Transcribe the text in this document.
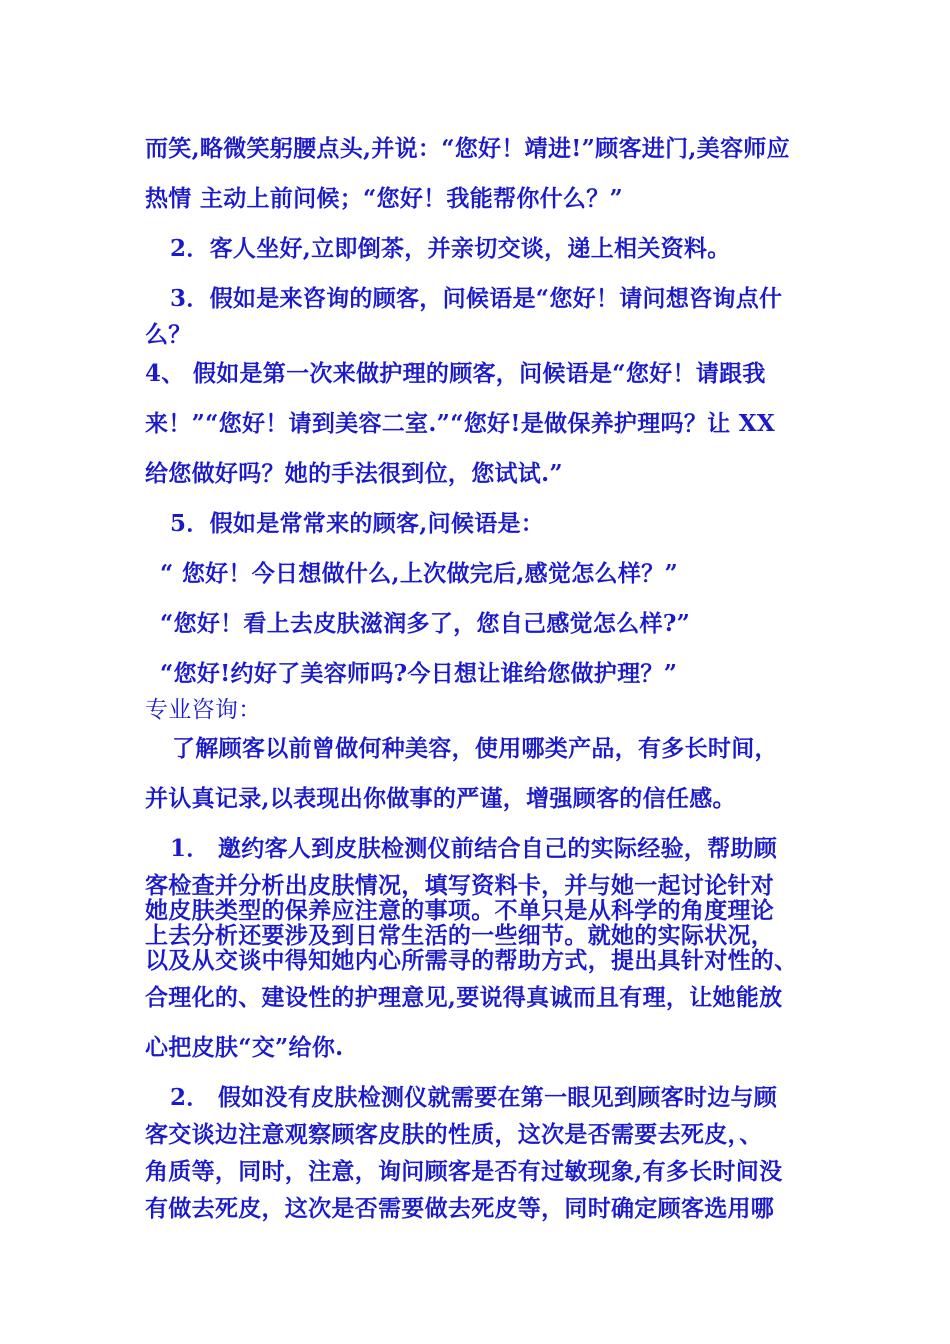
而笑,略微笑躬腰点头,并说：“您好！靖进!”顾客进门,美容师应
热情 主动上前问候；“您好！我能帮你什么？”
2．客人坐好,立即倒茶，并亲切交谈，递上相关资料。
3．假如是来咨询的顾客，问候语是“您好！请问想咨询点什
么？
4、 假如是第一次来做护理的顾客，问候语是“您好！请跟我
来！”“您好！请到美容二室.”“您好!是做保养护理吗？让 XX
给您做好吗？她的手法很到位，您试试.”
5．假如是常常来的顾客,问候语是：
“ 您好！今日想做什么,上次做完后,感觉怎么样？”
“您好！看上去皮肤滋润多了，您自己感觉怎么样?”
“您好!约好了美容师吗?今日想让谁给您做护理？”
专业咨询：
了解顾客以前曾做何种美容，使用哪类产品，有多长时间，
并认真记录,以表现出你做事的严谨，增强顾客的信任感。
1． 邀约客人到皮肤检测仪前结合自己的实际经验，帮助顾
客检查并分析出皮肤情况，填写资料卡，并与她一起讨论针对
她皮肤类型的保养应注意的事项。不单只是从科学的角度理论
上去分析还要涉及到日常生活的一些细节。就她的实际状况，
以及从交谈中得知她内心所需寻的帮助方式，提出具针对性的、
合理化的、建设性的护理意见,要说得真诚而且有理，让她能放
心把皮肤“交”给你.
2． 假如没有皮肤检测仪就需要在第一眼见到顾客时边与顾
客交谈边注意观察顾客皮肤的性质，这次是否需要去死皮，、
角质等，同时，注意，询问顾客是否有过敏现象,有多长时间没
有做去死皮，这次是否需要做去死皮等，同时确定顾客选用哪
